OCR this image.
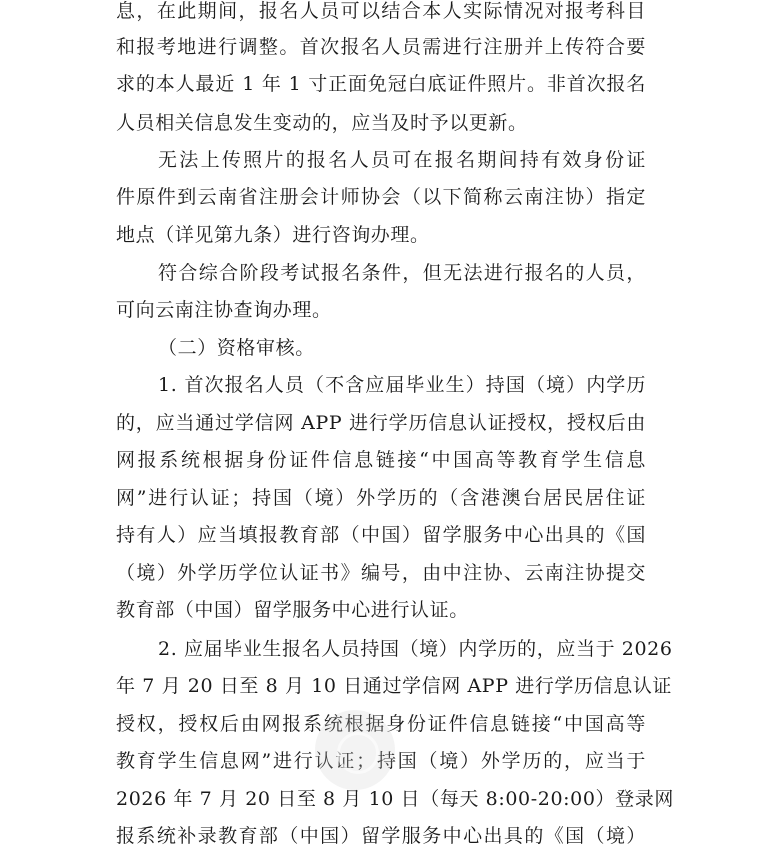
息，在此期间，报名人员可以结合本人实际情况对报考科目

和报考地进行调整。首次报名人员需进行注册并上传符合要

求的本人最近 1 年 1 寸正面免冠白底证件照片。非首次报名

人员相关信息发生变动的，应当及时予以更新。

无法上传照片的报名人员可在报名期间持有效身份证

件原件到云南省注册会计师协会（以下简称云南注协）指定

地点（详见第九条）进行咨询办理。

符合综合阶段考试报名条件，但无法进行报名的人员，

可向云南注协查询办理。

（二）资格审核。

1. 首次报名人员（不含应届毕业生）持国（境）内学历

的，应当通过学信网 APP 进行学历信息认证授权，授权后由

网报系统根据身份证件信息链接“中国高等教育学生信息

网”进行认证；持国（境）外学历的（含港澳台居民居住证

持有人）应当填报教育部（中国）留学服务中心出具的《国

（境）外学历学位认证书》编号，由中注协、云南注协提交

教育部（中国）留学服务中心进行认证。

2. 应届毕业生报名人员持国（境）内学历的，应当于 2026

年 7 月 20 日至 8 月 10 日通过学信网 APP 进行学历信息认证

授权，授权后由网报系统根据身份证件信息链接“中国高等

教育学生信息网”进行认证；持国（境）外学历的，应当于

2026 年 7 月 20 日至 8 月 10 日（每天 8:00-20:00）登录网

报系统补录教育部（中国）留学服务中心出具的《国（境）
